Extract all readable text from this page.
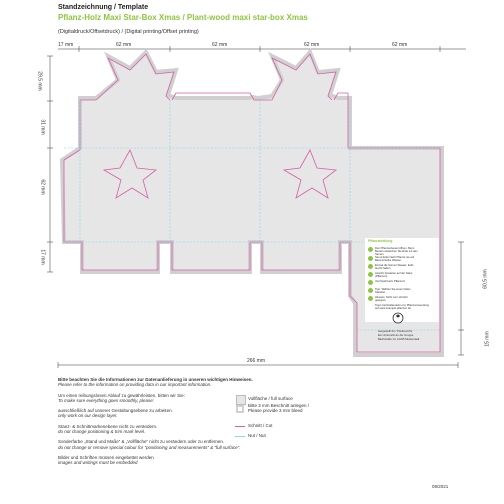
Standzeichnung / Template
Pflanz-Holz Maxi Star-Box Xmas / Plant-wood maxi star-box Xmas
(Digitaldruck/Offsetdruck) / (Digital printing/Offset printing)
17 mm	62 mm	62 mm	62 mm	62 mm
29,5 mm
31 mm
62 mm
17 mm
60,5 mm
15 mm
266 mm
Pflanzanleitung
Den Pflanzenbeutel öffnen. Beim Beutel entweichen Sie Erde mit den Samen.
Sie ist Erde Nach Pflanze sie auf Baumscheibe Wasser.
Einmal die Samen Wasser, Erde feucht halten.
Ansicht: Erwarten auf der Natur (Pflanzen).
Viel Spaß beim Pflanzen!
Tipp: Wählen Sie einen hellen Standort.
Hinweis: Nicht zum Verzehr geeignet.
Tipps bei Reklamation zur Pflanzverwendung auf www.example-pflanzen.de
Hergestellt für / Produced for
Ein Unternehmen der Gruppe
Bachstraße 14, 12345 Musterstadt
Bitte beachten Sie die Informationen zur Datenanlieferung in unseren wichtigen Hinweisen.
Please refer to the information on providing data in our important information.
Um einen reibungslosen Ablauf zu gewährleisten, bitten wir Sie:
To make sure everything goes smoothly, please:
ausschließlich auf unserer Gestaltungsebene zu arbeiten.
only work on our design layer.
Stanz- & Schnittmarkenebene nicht zu verändern.
do not change positioning & trim mark level.
Sonderfarbe „Stand und Maße“ & „Vollfläche“ nicht zu verändern oder zu entfernen.
do not change or remove special colour for “positioning and measurements” & “full surface”.
Bilder und Schriften müssen eingebettet werden
images and writings must be embedded
Vollfläche / full surface
Bitte 3 mm Beschnitt anlegen /
Please provide 3 mm bleed
Schnitt / Cut
Nut / Nut
09/2021
